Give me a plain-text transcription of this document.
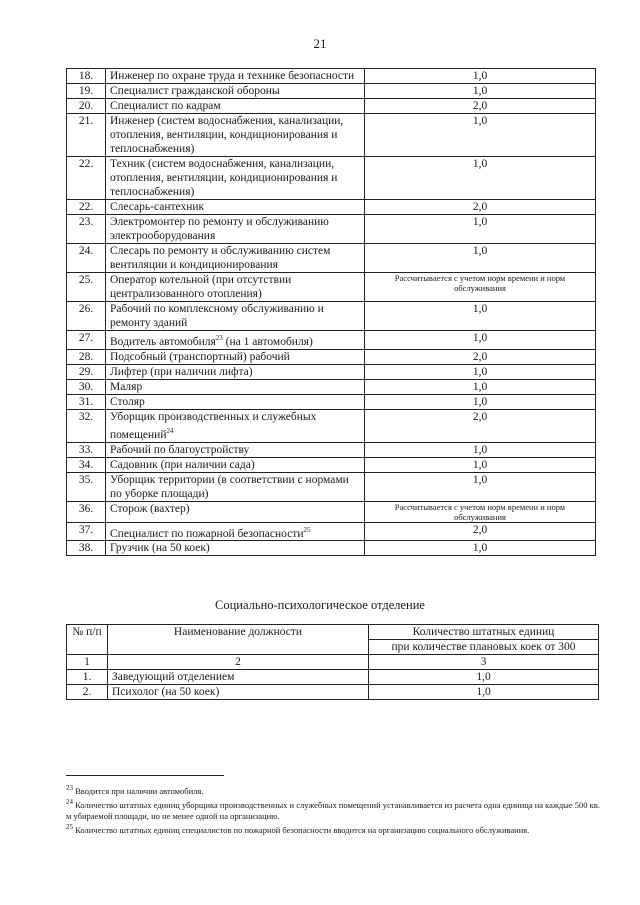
21
18.	Инженер по охране труда и технике безопасности	1,0
19.	Специалист гражданской обороны	1,0
20.	Специалист по кадрам	2,0
21.	Инженер (систем водоснабжения, канализации, отопления, вентиляции, кондиционирования и теплоснабжения)	1,0
22.	Техник (систем водоснабжения, канализации, отопления, вентиляции, кондиционирования и теплоснабжения)	1,0
22.	Слесарь-сантехник	2,0
23.	Электромонтер по ремонту и обслуживанию электрооборудования	1,0
24.	Слесарь по ремонту и обслуживанию систем вентиляции и кондиционирования	1,0
25.	Оператор котельной (при отсутствии централизованного отопления)	Рассчитывается с учетом норм времени и норм обслуживания
26.	Рабочий по комплексному обслуживанию и ремонту зданий	1,0
27.	Водитель автомобиля$^{23}$ (на 1 автомобиля)	1,0
28.	Подсобный (транспортный) рабочий	2,0
29.	Лифтер (при наличии лифта)	1,0
30.	Маляр	1,0
31.	Столяр	1,0
32.	Уборщик производственных и служебных помещений$^{24}$	2,0
33.	Рабочий по благоустройству	1,0
34.	Садовник (при наличии сада)	1,0
35.	Уборщик территории (в соответствии с нормами по уборке площади)	1,0
36.	Сторож (вахтер)	Рассчитывается с учетом норм времени и норм обслуживания
37.	Специалист по пожарной безопасности$^{25}$	2,0
38.	Грузчик (на 50 коек)	1,0
Социально-психологическое отделение
№ п/п	Наименование должности	Количество штатных единиц
		при количестве плановых коек от 300
1	2	3
1.	Заведующий отделением	1,0
2.	Психолог (на 50 коек)	1,0

$^{23}$ Вводится при наличии автомобиля.

$^{24}$ Количество штатных единиц уборщика производственных и служебных помещений устанавливается из расчета одна единица на каждые 500 кв. м убираемой площади, но не менее одной на организацию.

$^{25}$ Количество штатных единиц специалистов по пожарной безопасности вводится на организацию социального обслуживания.
